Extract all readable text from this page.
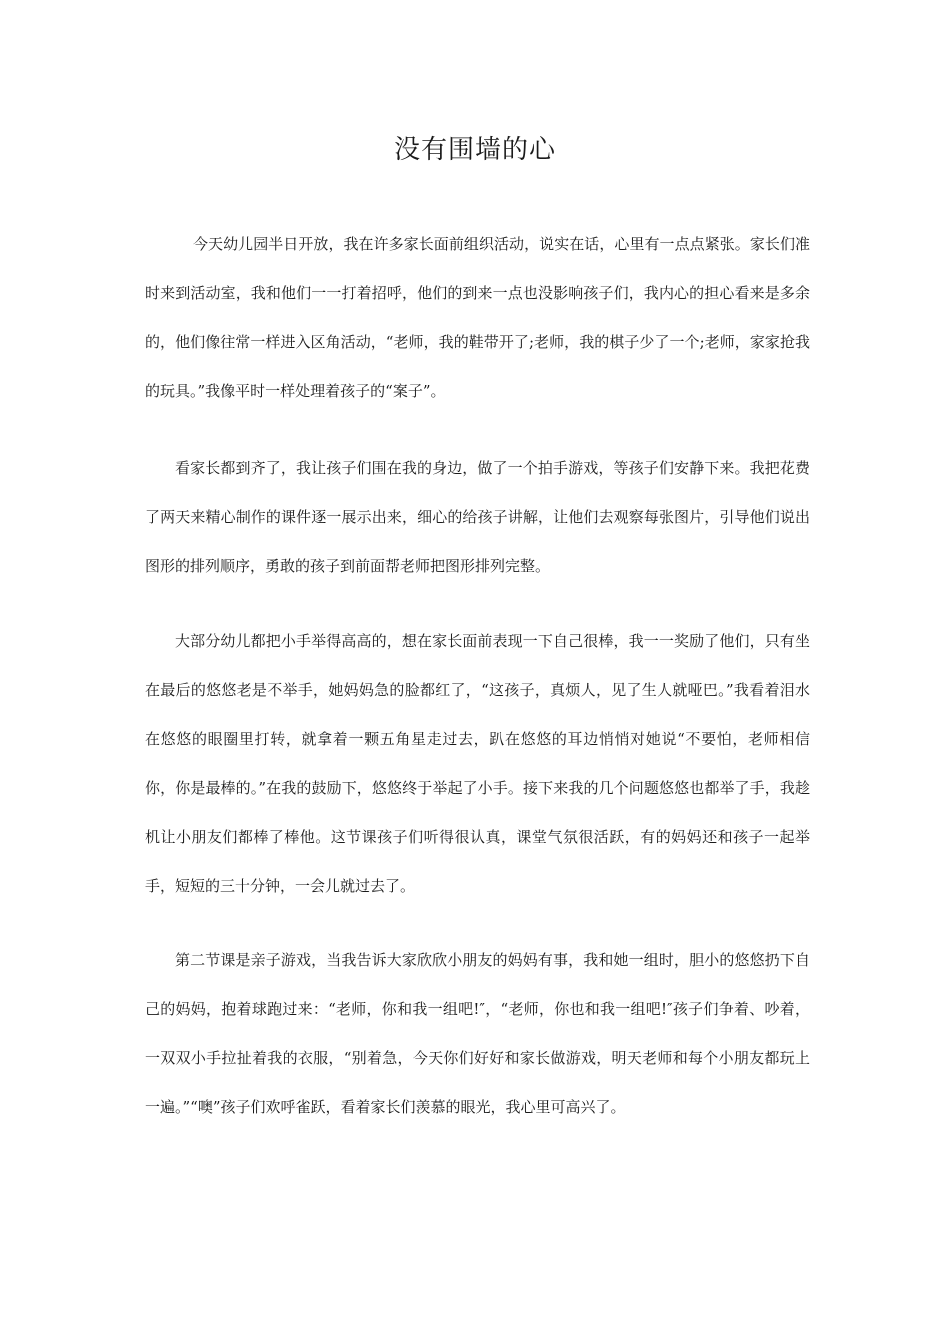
没有围墙的心

今天幼儿园半日开放，我在许多家长面前组织活动，说实在话，心里有一点点紧张。家长们准时来到活动室，我和他们一一打着招呼，他们的到来一点也没影响孩子们，我内心的担心看来是多余的，他们像往常一样进入区角活动，“老师，我的鞋带开了;老师，我的棋子少了一个;老师，家家抢我的玩具。”我像平时一样处理着孩子的“案子”。

看家长都到齐了，我让孩子们围在我的身边，做了一个拍手游戏，等孩子们安静下来。我把花费了两天来精心制作的课件逐一展示出来，细心的给孩子讲解，让他们去观察每张图片，引导他们说出图形的排列顺序，勇敢的孩子到前面帮老师把图形排列完整。

大部分幼儿都把小手举得高高的，想在家长面前表现一下自己很棒，我一一奖励了他们，只有坐在最后的悠悠老是不举手，她妈妈急的脸都红了，“这孩子，真烦人，见了生人就哑巴。”我看着泪水在悠悠的眼圈里打转，就拿着一颗五角星走过去，趴在悠悠的耳边悄悄对她说“不要怕，老师相信你，你是最棒的。”在我的鼓励下，悠悠终于举起了小手。接下来我的几个问题悠悠也都举了手，我趁机让小朋友们都棒了棒他。这节课孩子们听得很认真，课堂气氛很活跃，有的妈妈还和孩子一起举手，短短的三十分钟，一会儿就过去了。

第二节课是亲子游戏，当我告诉大家欣欣小朋友的妈妈有事，我和她一组时，胆小的悠悠扔下自己的妈妈，抱着球跑过来：“老师，你和我一组吧!″，“老师，你也和我一组吧!″孩子们争着、吵着，一双双小手拉扯着我的衣服，“别着急，今天你们好好和家长做游戏，明天老师和每个小朋友都玩上一遍。”“噢”孩子们欢呼雀跃，看着家长们羡慕的眼光，我心里可高兴了。
